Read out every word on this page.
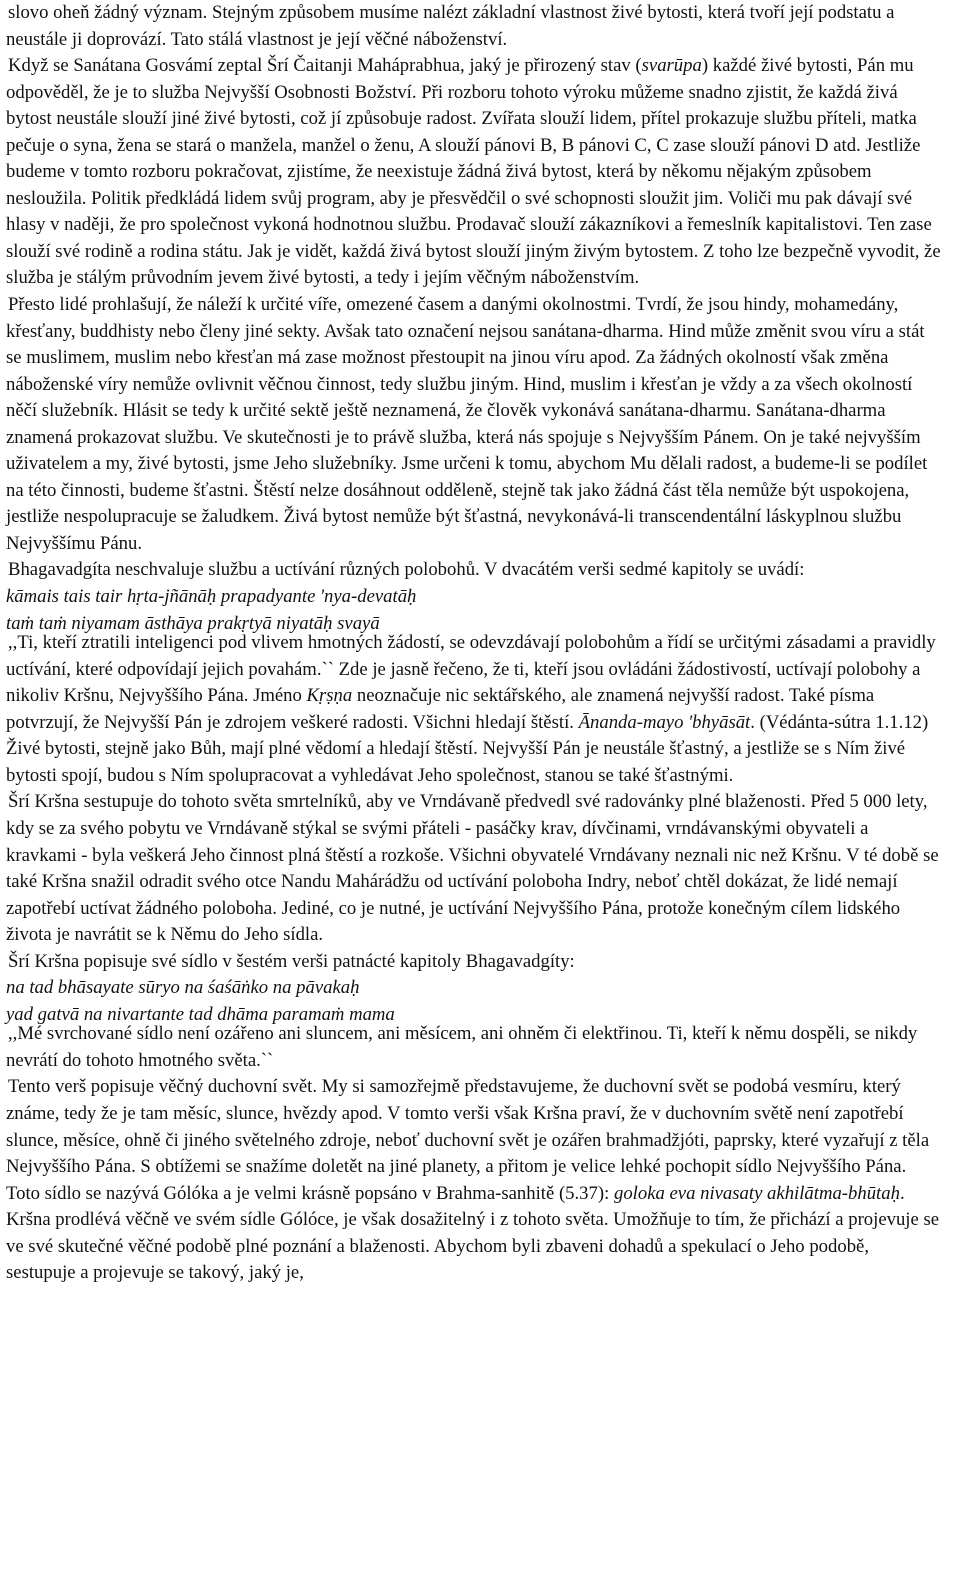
slovo oheň žádný význam. Stejným způsobem musíme nalézt základní vlastnost živé bytosti, která tvoří její podstatu a neustále ji doprovází. Tato stálá vlastnost je její věčné náboženství.
Když se Sanátana Gosvámí zeptal Šrí Čaitanji Maháprabhua, jaký je přirozený stav (svarūpa) každé živé bytosti, Pán mu odpověděl, že je to služba Nejvyšší Osobnosti Božství. Při rozboru tohoto výroku můžeme snadno zjistit, že každá živá bytost neustále slouží jiné živé bytosti, což jí způsobuje radost. Zvířata slouží lidem, přítel prokazuje službu příteli, matka pečuje o syna, žena se stará o manžela, manžel o ženu, A slouží pánovi B, B pánovi C, C zase slouží pánovi D atd. Jestliže budeme v tomto rozboru pokračovat, zjistíme, že neexistuje žádná živá bytost, která by někomu nějakým způsobem nesloužila. Politik předkládá lidem svůj program, aby je přesvědčil o své schopnosti sloužit jim. Voliči mu pak dávají své hlasy v naději, že pro společnost vykoná hodnotnou službu. Prodavač slouží zákazníkovi a řemeslník kapitalistovi. Ten zase slouží své rodině a rodina státu. Jak je vidět, každá živá bytost slouží jiným živým bytostem. Z toho lze bezpečně vyvodit, že služba je stálým průvodním jevem živé bytosti, a tedy i jejím věčným náboženstvím.
Přesto lidé prohlašují, že náleží k určité víře, omezené časem a danými okolnostmi. Tvrdí, že jsou hindy, mohamedány, křesťany, buddhisty nebo členy jiné sekty. Avšak tato označení nejsou sanátana-dharma. Hind může změnit svou víru a stát se muslimem, muslim nebo křesťan má zase možnost přestoupit na jinou víru apod. Za žádných okolností však změna náboženské víry nemůže ovlivnit věčnou činnost, tedy službu jiným. Hind, muslim i křesťan je vždy a za všech okolností něčí služebník. Hlásit se tedy k určité sektě ještě neznamená, že člověk vykonává sanátana-dharmu. Sanátana-dharma znamená prokazovat službu. Ve skutečnosti je to právě služba, která nás spojuje s Nejvyšším Pánem. On je také nejvyšším uživatelem a my, živé bytosti, jsme Jeho služebníky. Jsme určeni k tomu, abychom Mu dělali radost, a budeme-li se podílet na této činnosti, budeme šťastni. Štěstí nelze dosáhnout odděleně, stejně tak jako žádná část těla nemůže být uspokojena, jestliže nespolupracuje se žaludkem. Živá bytost nemůže být šťastná, nevykonává-li transcendentální láskyplnou službu Nejvyššímu Pánu.
Bhagavadgíta neschvaluje službu a uctívání různých polobohů. V dvacátém verši sedmé kapitoly se uvádí:
kāmais tais tair hṛta-jñānāḥ prapadyante 'nya-devatāḥ
taṁ taṁ niyamam āsthāya prakṛtyā niyatāḥ svayā
,,Ti, kteří ztratili inteligenci pod vlivem hmotných žádostí, se odevzdávají polobohům a řídí se určitými zásadami a pravidly uctívání, které odpovídají jejich povahám.`` Zde je jasně řečeno, že ti, kteří jsou ovládáni žádostivostí, uctívají polobohy a nikoliv Kršnu, Nejvyššího Pána. Jméno Kṛṣṇa neoznačuje nic sektářského, ale znamená nejvyšší radost. Také písma potvrzují, že Nejvyšší Pán je zdrojem veškeré radosti. Všichni hledají štěstí. Ānanda-mayo 'bhyāsāt. (Védánta-sútra 1.1.12) Živé bytosti, stejně jako Bůh, mají plné vědomí a hledají štěstí. Nejvyšší Pán je neustále šťastný, a jestliže se s Ním živé bytosti spojí, budou s Ním spolupracovat a vyhledávat Jeho společnost, stanou se také šťastnými.
Šrí Kršna sestupuje do tohoto světa smrtelníků, aby ve Vrndávaně předvedl své radovánky plné blaženosti. Před 5 000 lety, kdy se za svého pobytu ve Vrndávaně stýkal se svými přáteli - pasáčky krav, dívčinami, vrndávanskými obyvateli a kravkami - byla veškerá Jeho činnost plná štěstí a rozkoše. Všichni obyvatelé Vrndávany neznali nic než Kršnu. V té době se také Kršna snažil odradit svého otce Nandu Mahárádžu od uctívání poloboha Indry, neboť chtěl dokázat, že lidé nemají zapotřebí uctívat žádného poloboha. Jediné, co je nutné, je uctívání Nejvyššího Pána, protože konečným cílem lidského života je navrátit se k Němu do Jeho sídla.
Šrí Kršna popisuje své sídlo v šestém verši patnácté kapitoly Bhagavadgíty:
na tad bhāsayate sūryo na śaśāṅko na pāvakaḥ
yad gatvā na nivartante tad dhāma paramaṁ mama
,,Mé svrchované sídlo není ozářeno ani sluncem, ani měsícem, ani ohněm či elektřinou. Ti, kteří k němu dospěli, se nikdy nevrátí do tohoto hmotného světa.``
Tento verš popisuje věčný duchovní svět. My si samozřejmě představujeme, že duchovní svět se podobá vesmíru, který známe, tedy že je tam měsíc, slunce, hvězdy apod. V tomto verši však Kršna praví, že v duchovním světě není zapotřebí slunce, měsíce, ohně či jiného světelného zdroje, neboť duchovní svět je ozářen brahmadžjóti, paprsky, které vyzařují z těla Nejvyššího Pána. S obtížemi se snažíme doletět na jiné planety, a přitom je velice lehké pochopit sídlo Nejvyššího Pána. Toto sídlo se nazývá Gólóka a je velmi krásně popsáno v Brahma-sanhitě (5.37): goloka eva nivasaty akhilātma-bhūtaḥ. Kršna prodlévá věčně ve svém sídle Gólóce, je však dosažitelný i z tohoto světa. Umožňuje to tím, že přichází a projevuje se ve své skutečné věčné podobě plné poznání a blaženosti. Abychom byli zbaveni dohadů a spekulací o Jeho podobě, sestupuje a projevuje se takový, jaký je,
